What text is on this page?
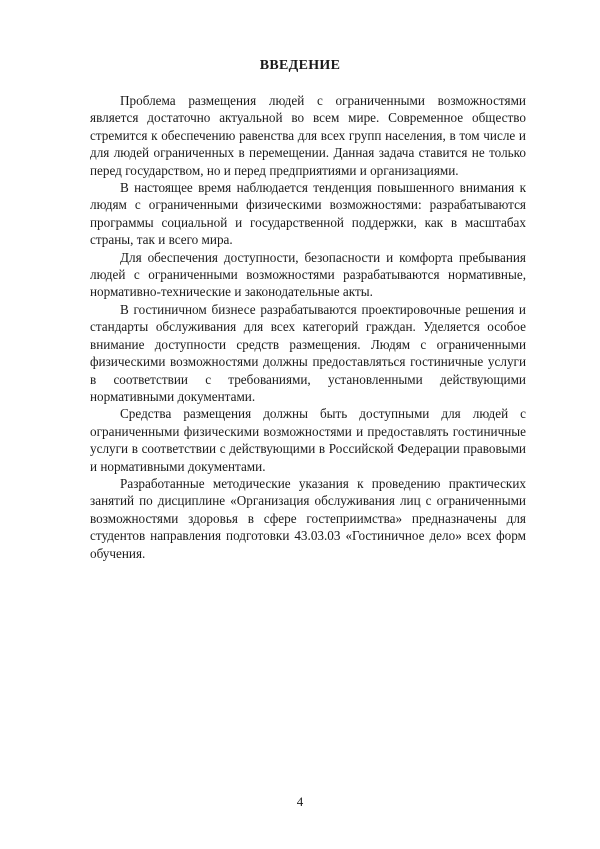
ВВЕДЕНИЕ

Проблема размещения людей с ограниченными возможностями является достаточно актуальной во всем мире. Современное общество стремится к обеспечению равенства для всех групп населения, в том числе и для людей ограниченных в перемещении. Данная задача ставится не только перед государством, но и перед предприятиями и организациями.

В настоящее время наблюдается тенденция повышенного внимания к людям с ограниченными физическими возможностями: разрабатываются программы социальной и государственной поддержки, как в масштабах страны, так и всего мира.

Для обеспечения доступности, безопасности и комфорта пребывания людей с ограниченными возможностями разрабатываются нормативные, нормативно-технические и законодательные акты.

В гостиничном бизнесе разрабатываются проектировочные решения и стандарты обслуживания для всех категорий граждан. Уделяется особое внимание доступности средств размещения. Людям с ограниченными физическими возможностями должны предоставляться гостиничные услуги в соответствии с требованиями, установленными действующими нормативными документами.

Средства размещения должны быть доступными для людей с ограниченными физическими возможностями и предоставлять гостиничные услуги в соответствии с действующими в Российской Федерации правовыми и нормативными документами.

Разработанные методические указания к проведению практических занятий по дисциплине «Организация обслуживания лиц с ограниченными возможностями здоровья в сфере гостеприимства» предназначены для студентов направления подготовки 43.03.03 «Гостиничное дело» всех форм обучения.

4
